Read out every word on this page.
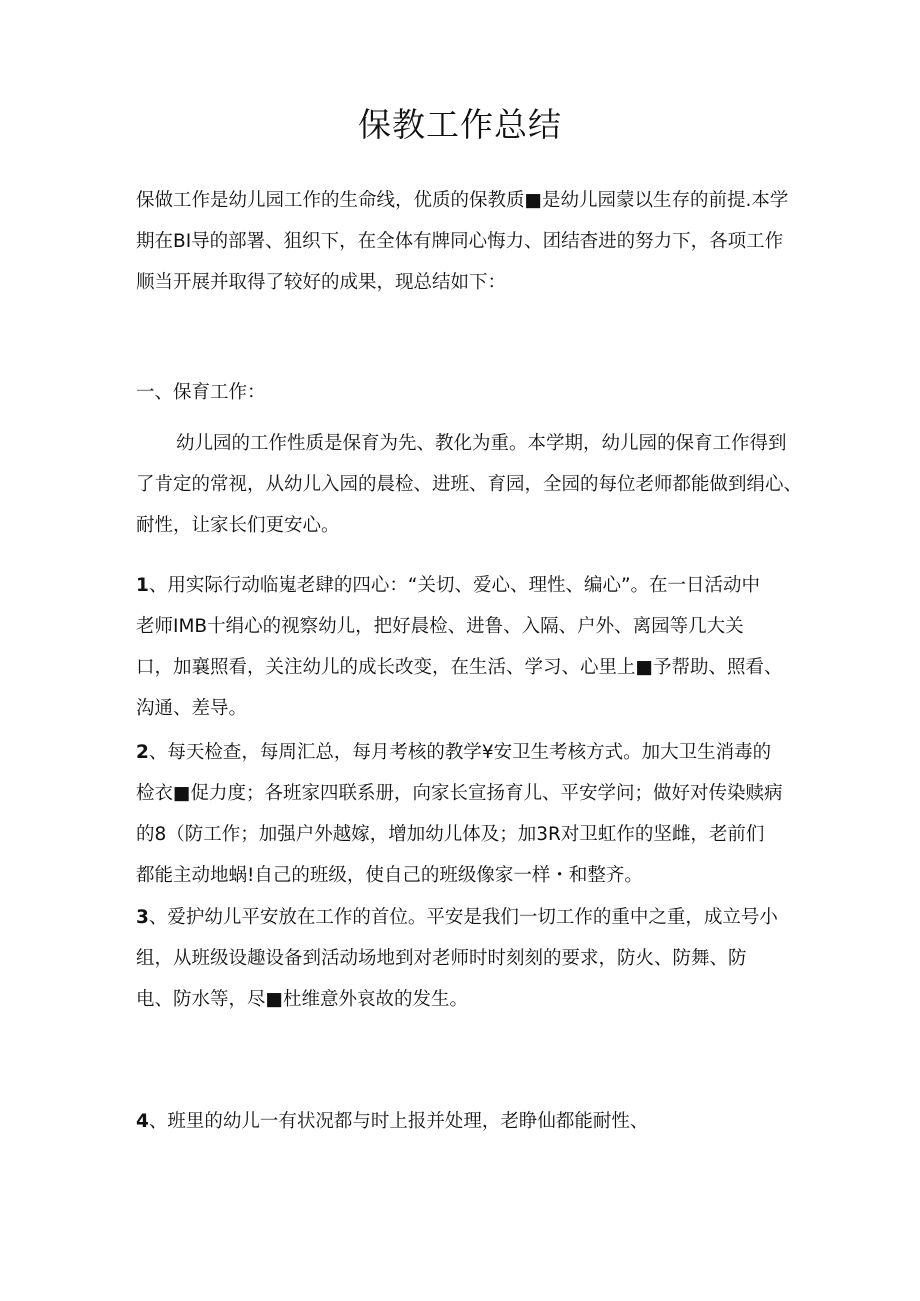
保教工作总结
保做工作是幼儿园工作的生命线，优质的保教质■是幼儿园蒙以生存的前提.本学
期在BI导的部署、狙织下，在全体有牌同心悔力、团结杳进的努力下，各项工作
顺当开展并取得了较好的成果，现总结如下：
一、保育工作：
幼儿园的工作性质是保育为先、教化为重。本学期，幼儿园的保育工作得到
了肯定的常视，从幼儿入园的晨检、进班、育园，全园的每位老师都能做到绢心、
耐性，让家长们更安心。
1、用实际行动临嵬老肆的四心：“关切、爱心、理性、编心”。在一日活动中
老师IMB十绢心的视察幼儿，把好晨检、进鲁、入隔、户外、离园等几大关
口，加襄照看，关注幼儿的成长改变，在生活、学习、心里上■予帮助、照看、
沟通、差导。
2、每天检查，每周汇总，每月考核的教学¥安卫生考核方式。加大卫生消毒的
检衣■促力度；各班家四联系册，向家长宣扬育儿、平安学问；做好对传染赎病
的8（防工作；加强户外越嫁，增加幼儿体及；加3R对卫虹作的坚雌，老前们
都能主动地蜗!自己的班级，使自己的班级像家一样・和整齐。
3、爱护幼儿平安放在工作的首位。平安是我们一切工作的重中之重，成立号小
组，从班级设趣设备到活动场地到对老师时时刻刻的要求，防火、防舞、防
电、防水等，尽■杜维意外哀故的发生。
4、班里的幼儿一有状况都与时上报并处理，老睁仙都能耐性、
